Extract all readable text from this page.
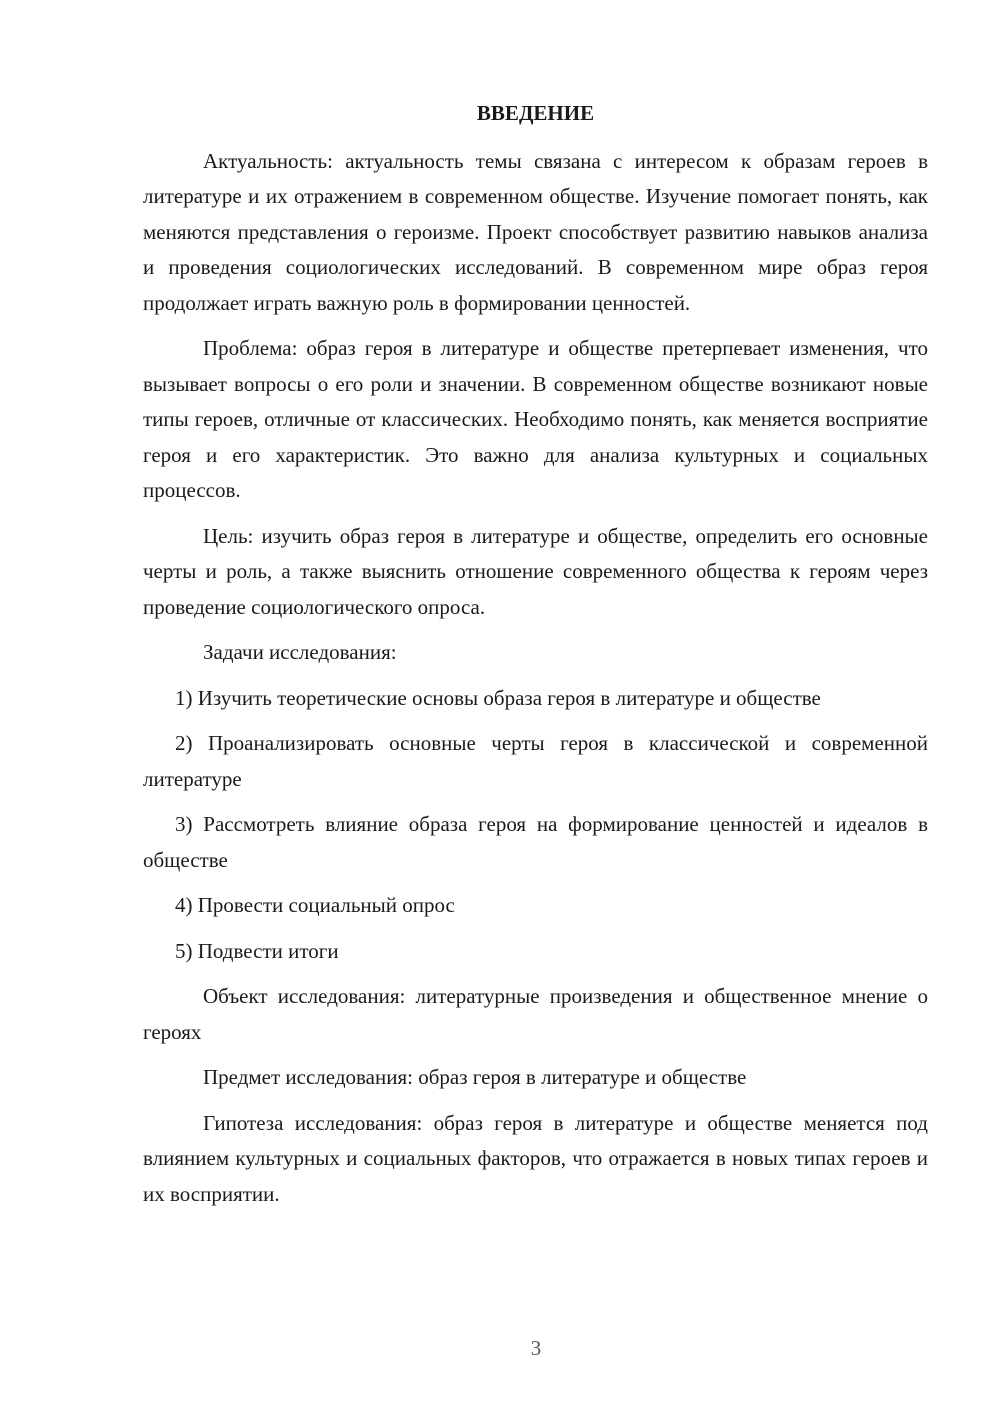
ВВЕДЕНИЕ

Актуальность: актуальность темы связана с интересом к образам героев в литературе и их отражением в современном обществе. Изучение помогает понять, как меняются представления о героизме. Проект способствует развитию навыков анализа и проведения социологических исследований. В современном мире образ героя продолжает играть важную роль в формировании ценностей.

Проблема: образ героя в литературе и обществе претерпевает изменения, что вызывает вопросы о его роли и значении. В современном обществе возникают новые типы героев, отличные от классических. Необходимо понять, как меняется восприятие героя и его характеристик. Это важно для анализа культурных и социальных процессов.

Цель: изучить образ героя в литературе и обществе, определить его основные черты и роль, а также выяснить отношение современного общества к героям через проведение социологического опроса.

Задачи исследования:

1) Изучить теоретические основы образа героя в литературе и обществе
2) Проанализировать основные черты героя в классической и современной литературе
3) Рассмотреть влияние образа героя на формирование ценностей и идеалов в обществе
4) Провести социальный опрос
5) Подвести итоги

Объект исследования: литературные произведения и общественное мнение о героях

Предмет исследования: образ героя в литературе и обществе

Гипотеза исследования: образ героя в литературе и обществе меняется под влиянием культурных и социальных факторов, что отражается в новых типах героев и их восприятии.

3
